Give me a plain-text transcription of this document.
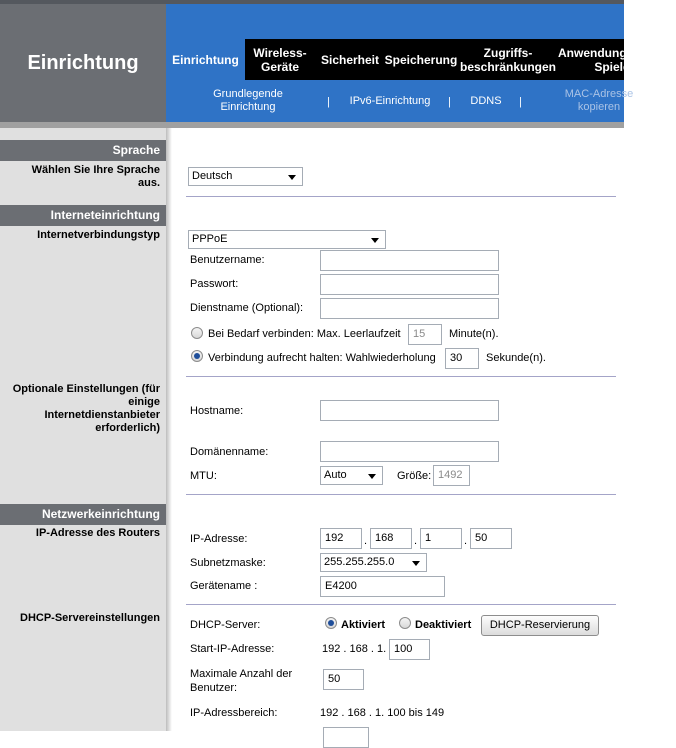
Einrichtung	Einrichtung	Wireless-
Geräte	Sicherheit Speicherung	Zugriffs-
beschränkungen
Anwendungen und
Spiele
Grundlegende
Einrichtung	|	IPv6-Einrichtung	|	DDNS	|
MAC-Adresse
kopieren
Sprache
Wählen Sie Ihre Sprache aus.
Deutsch
Interneteinrichtung
Internetverbindungstyp	PPPoE
Benutzername:
Passwort:
Dienstname (Optional):
Bei Bedarf verbinden: Max. Leerlaufzeit	15	Minute(n).
Verbindung aufrecht halten: Wahlwiederholung	30	Sekunde(n).
Optionale Einstellungen (für einige Internetdienstanbieter erforderlich)
Hostname:
Domänenname:
MTU:	Auto	Größe: 1492
Netzwerkeinrichtung
IP-Adresse des Routers	IP-Adresse:	192	. 168	. 1	. 50
Subnetzmaske:	255.255.255.0
Gerätename :	E4200
DHCP-Servereinstellungen
DHCP-Server:	Aktiviert	Deaktiviert	DHCP-Reservierung
Start-IP-Adresse:	192 . 168 . 1. 100
Maximale Anzahl der Benutzer:
50
IP-Adressbereich:	192 . 168 . 1. 100 bis 149
